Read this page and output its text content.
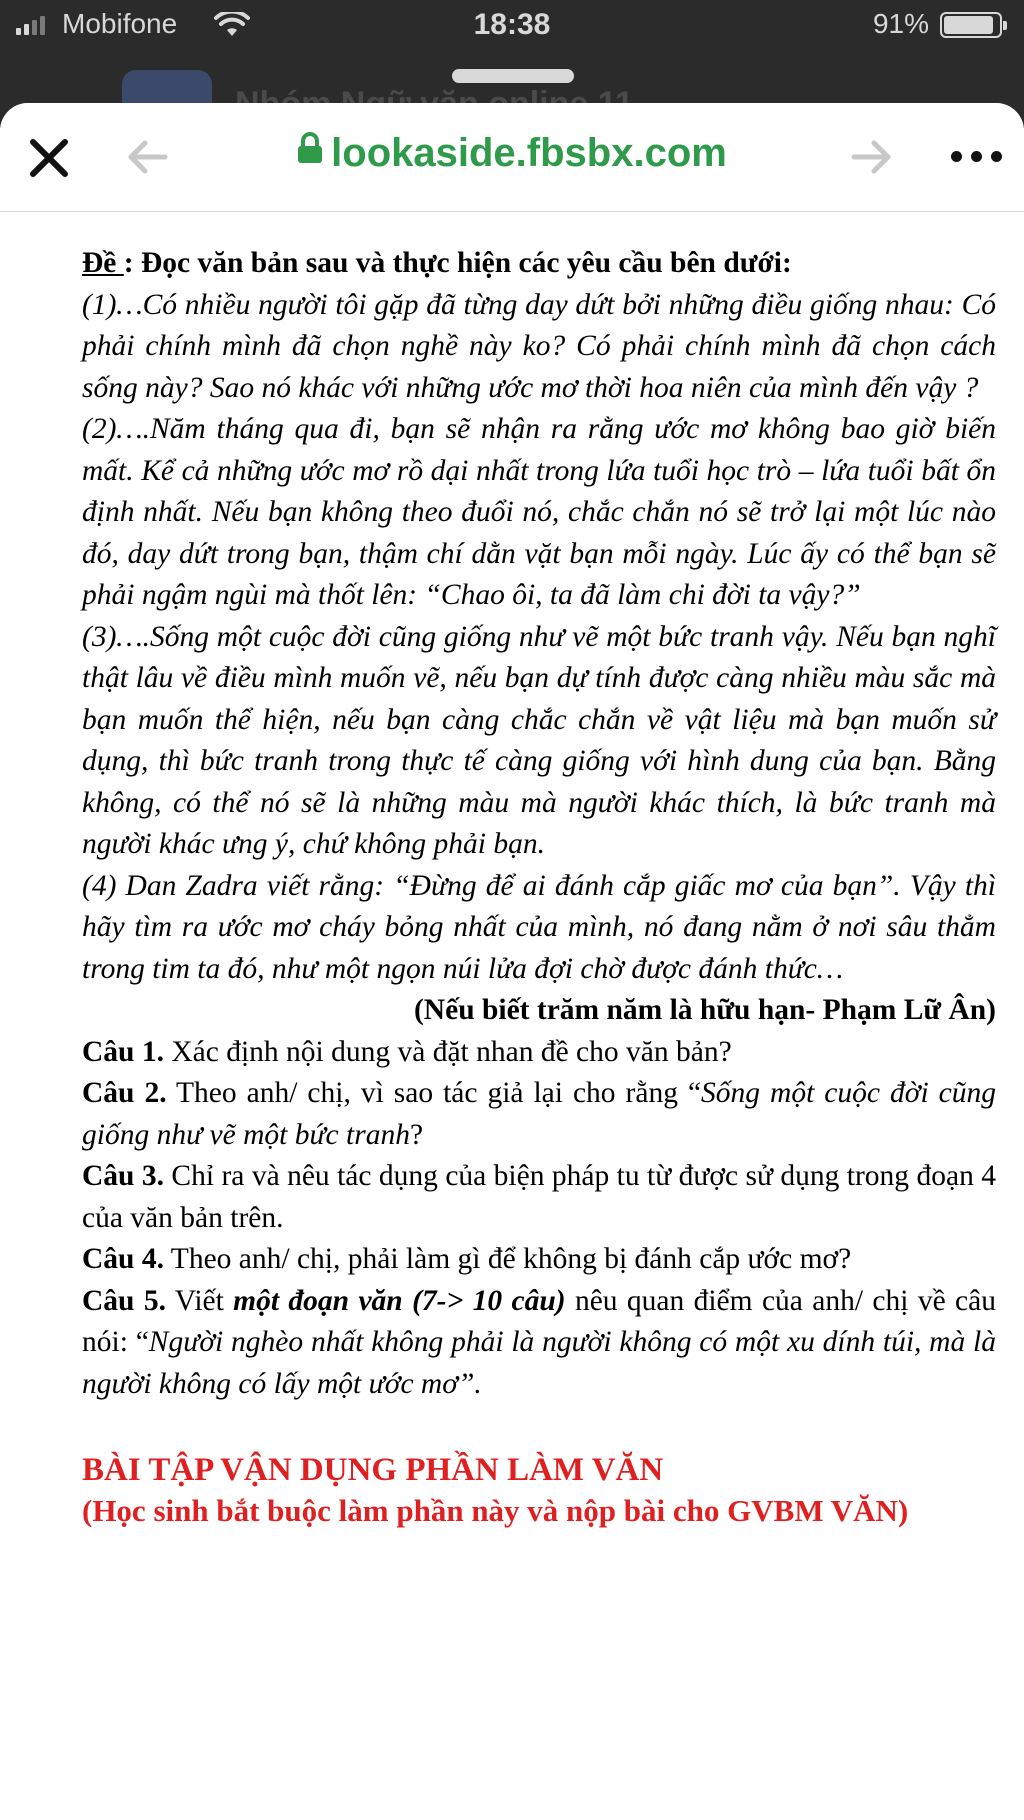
Mobifone	18:38	91%
lookaside.fbsbx.com

Đề : Đọc văn bản sau và thực hiện các yêu cầu bên dưới:

(1)…Có nhiều người tôi gặp đã từng day dứt bởi những điều giống nhau: Có phải chính mình đã chọn nghề này ko? Có phải chính mình đã chọn cách sống này? Sao nó khác với những ước mơ thời hoa niên của mình đến vậy ?

(2)….Năm tháng qua đi, bạn sẽ nhận ra rằng ước mơ không bao giờ biến mất. Kể cả những ước mơ rồ dại nhất trong lứa tuổi học trò – lứa tuổi bất ổn định nhất. Nếu bạn không theo đuổi nó, chắc chắn nó sẽ trở lại một lúc nào đó, day dứt trong bạn, thậm chí dằn vặt bạn mỗi ngày. Lúc ấy có thể bạn sẽ phải ngậm ngùi mà thốt lên: “Chao ôi, ta đã làm chi đời ta vậy?”

(3)….Sống một cuộc đời cũng giống như vẽ một bức tranh vậy. Nếu bạn nghĩ thật lâu về điều mình muốn vẽ, nếu bạn dự tính được càng nhiều màu sắc mà bạn muốn thể hiện, nếu bạn càng chắc chắn về vật liệu mà bạn muốn sử dụng, thì bức tranh trong thực tế càng giống với hình dung của bạn. Bằng không, có thể nó sẽ là những màu mà người khác thích, là bức tranh mà người khác ưng ý, chứ không phải bạn.

(4) Dan Zadra viết rằng: “Đừng để ai đánh cắp giấc mơ của bạn”. Vậy thì hãy tìm ra ước mơ cháy bỏng nhất của mình, nó đang nằm ở nơi sâu thẳm trong tim ta đó, như một ngọn núi lửa đợi chờ được đánh thức…

(Nếu biết trăm năm là hữu hạn- Phạm Lữ Ân)

Câu 1. Xác định nội dung và đặt nhan đề cho văn bản?

Câu 2. Theo anh/ chị, vì sao tác giả lại cho rằng “Sống một cuộc đời cũng giống như vẽ một bức tranh?

Câu 3. Chỉ ra và nêu tác dụng của biện pháp tu từ được sử dụng trong đoạn 4 của văn bản trên.

Câu 4. Theo anh/ chị, phải làm gì để không bị đánh cắp ước mơ?

Câu 5. Viết một đoạn văn (7-> 10 câu) nêu quan điểm của anh/ chị về câu nói: “Người nghèo nhất không phải là người không có một xu dính túi, mà là người không có lấy một ước mơ”.

BÀI TẬP VẬN DỤNG PHẦN LÀM VĂN

(Học sinh bắt buộc làm phần này và nộp bài cho GVBM VĂN)
